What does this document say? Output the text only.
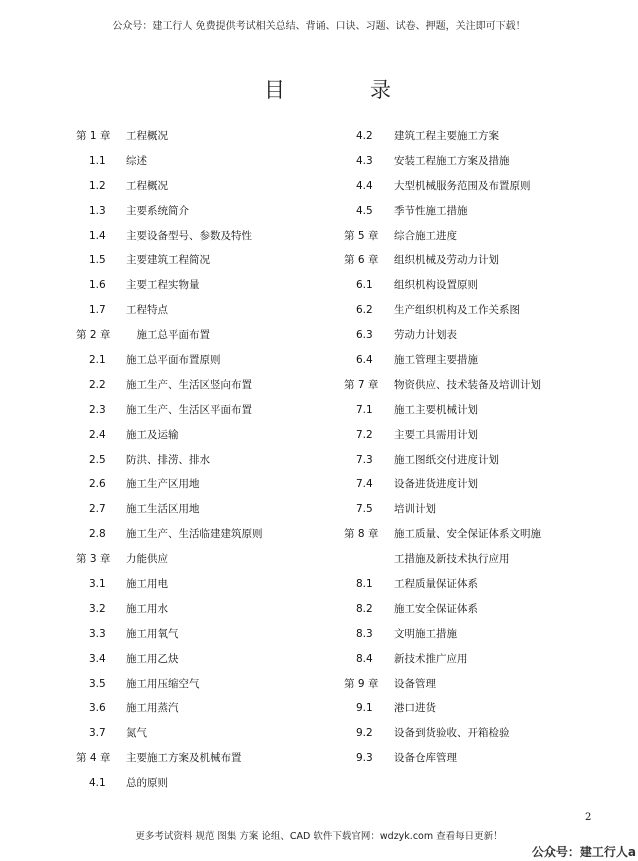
公众号：建工行人 免费提供考试相关总结、背诵、口诀、习题、试卷、押题，关注即可下载！
目	录
第 1 章 工程概况
1.1 综述
1.2 工程概况
1.3 主要系统简介
1.4 主要设备型号、参数及特性
1.5 主要建筑工程简况
1.6 主要工程实物量
1.7 工程特点
第 2 章 　施工总平面布置
2.1 施工总平面布置原则
2.2 施工生产、生活区竖向布置
2.3 施工生产、生活区平面布置
2.4 施工及运输
2.5 防洪、排涝、排水
2.6 施工生产区用地
2.7 施工生活区用地
2.8 施工生产、生活临建建筑原则
第 3 章 力能供应
3.1 施工用电
3.2 施工用水
3.3 施工用氧气
3.4 施工用乙炔
3.5 施工用压缩空气
3.6 施工用蒸汽
3.7 氮气
第 4 章 主要施工方案及机械布置
4.1 总的原则
4.2 建筑工程主要施工方案
4.3 安装工程施工方案及措施
4.4 大型机械服务范围及布置原则
4.5 季节性施工措施
第 5 章 综合施工进度
第 6 章 组织机械及劳动力计划
6.1 组织机构设置原则
6.2 生产组织机构及工作关系图
6.3 劳动力计划表
6.4 施工管理主要措施
第 7 章 物资供应、技术装备及培训计划
7.1 施工主要机械计划
7.2 主要工具需用计划
7.3 施工图纸交付进度计划
7.4 设备进货进度计划
7.5 培训计划
第 8 章 施工质量、安全保证体系文明施
工措施及新技术执行应用
8.1 工程质量保证体系
8.2 施工安全保证体系
8.3 文明施工措施
8.4 新技术推广应用
第 9 章 设备管理
9.1 港口进货
9.2 设备到货验收、开箱检验
9.3 设备仓库管理
2
更多考试资料 规范 图集 方案 论组、CAD 软件下载官网：wdzyk.com 查看每日更新！
公众号：建工行人a
